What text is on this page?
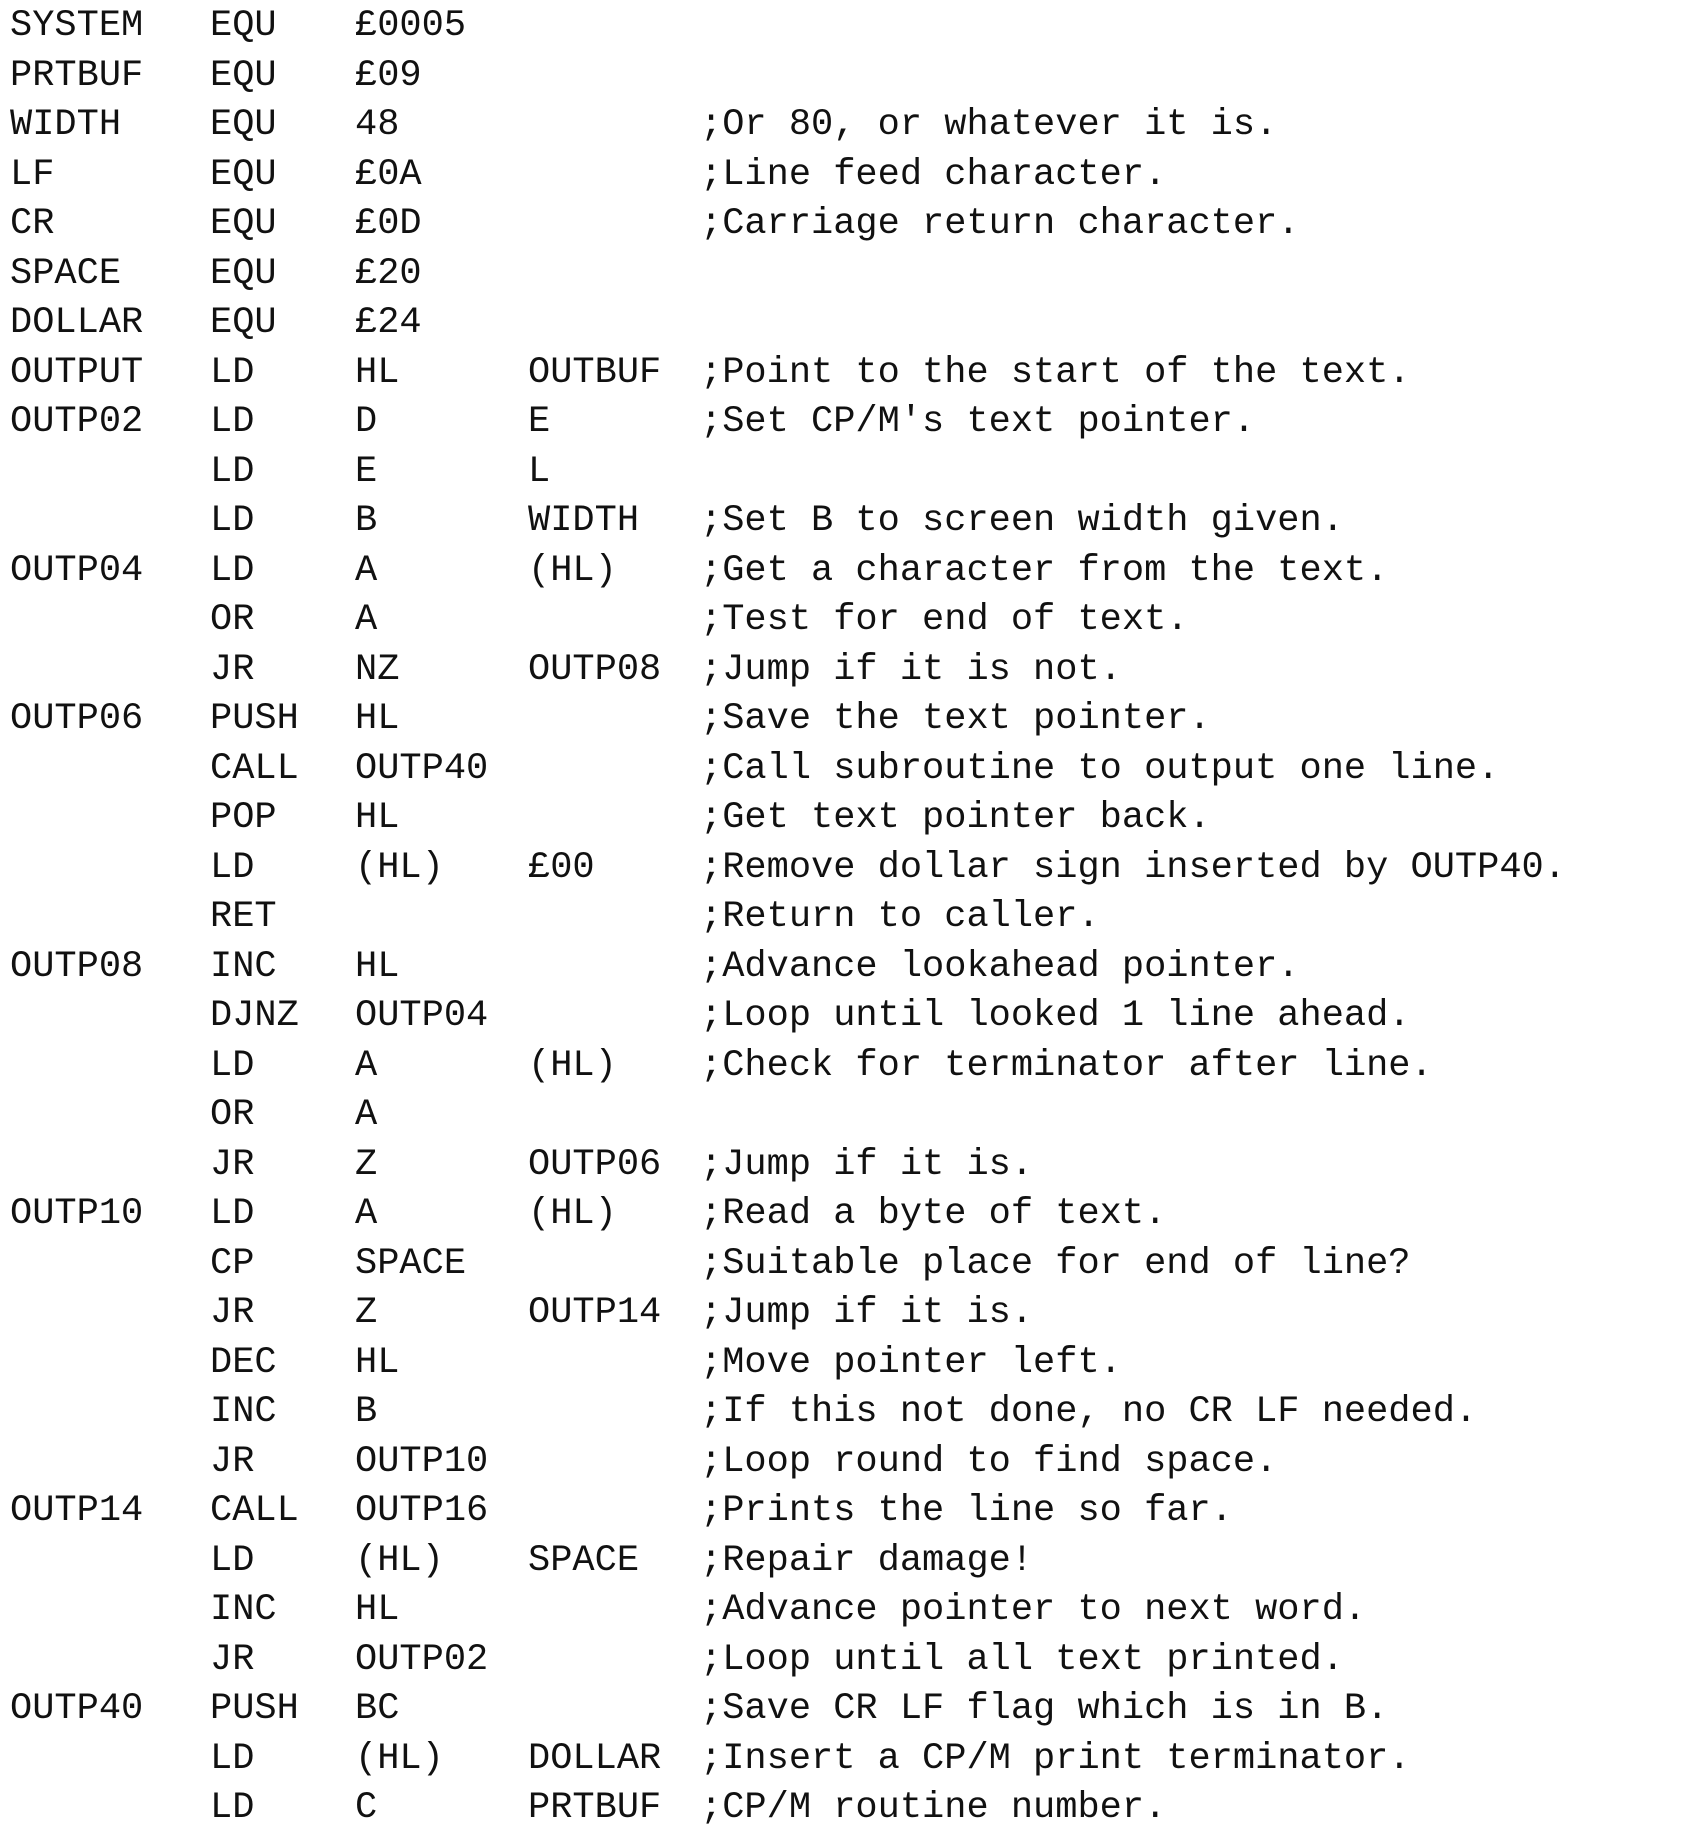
SYSTEM EQU £0005
PRTBUF EQU £09
WIDTH EQU 48	;Or 80, or whatever it is.
LF	EQU £0A	;Line feed character.
CR	EQU £0D	;Carriage return character.
SPACE EQU £20
DOLLAR EQU £24
OUTPUT LD	HL	OUTBUF ;Point to the start of the text.
OUTP02 LD	D	E	;Set CP/M's text pointer.
LD	E	L
LD	B	WIDTH ;Set B to screen width given.
OUTP04 LD	A	(HL) ;Get a character from the text.
OR	A	;Test for end of text.
JR	NZ	OUTP08 ;Jump if it is not.
OUTP06 PUSH HL	;Save the text pointer.
CALL OUTP40	;Call subroutine to output one line.
POP HL	;Get text pointer back.
LD	(HL) £00	;Remove dollar sign inserted by OUTP40.
RET	;Return to caller.
OUTP08 INC HL	;Advance lookahead pointer.
DJNZ OUTP04	;Loop until looked 1 line ahead.
LD	A	(HL) ;Check for terminator after line.
OR	A
JR	Z	OUTP06 ;Jump if it is.
OUTP10 LD	A	(HL) ;Read a byte of text.
CP	SPACE	;Suitable place for end of line?
JR	Z	OUTP14 ;Jump if it is.
DEC HL	;Move pointer left.
INC B	;If this not done, no CR LF needed.
JR	OUTP10	;Loop round to find space.
OUTP14 CALL OUTP16	;Prints the line so far.
LD	(HL) SPACE ;Repair damage!
INC HL	;Advance pointer to next word.
JR	OUTP02	;Loop until all text printed.
OUTP40 PUSH BC	;Save CR LF flag which is in B.
LD	(HL) DOLLAR ;Insert a CP/M print terminator.
LD	C	PRTBUF ;CP/M routine number.
